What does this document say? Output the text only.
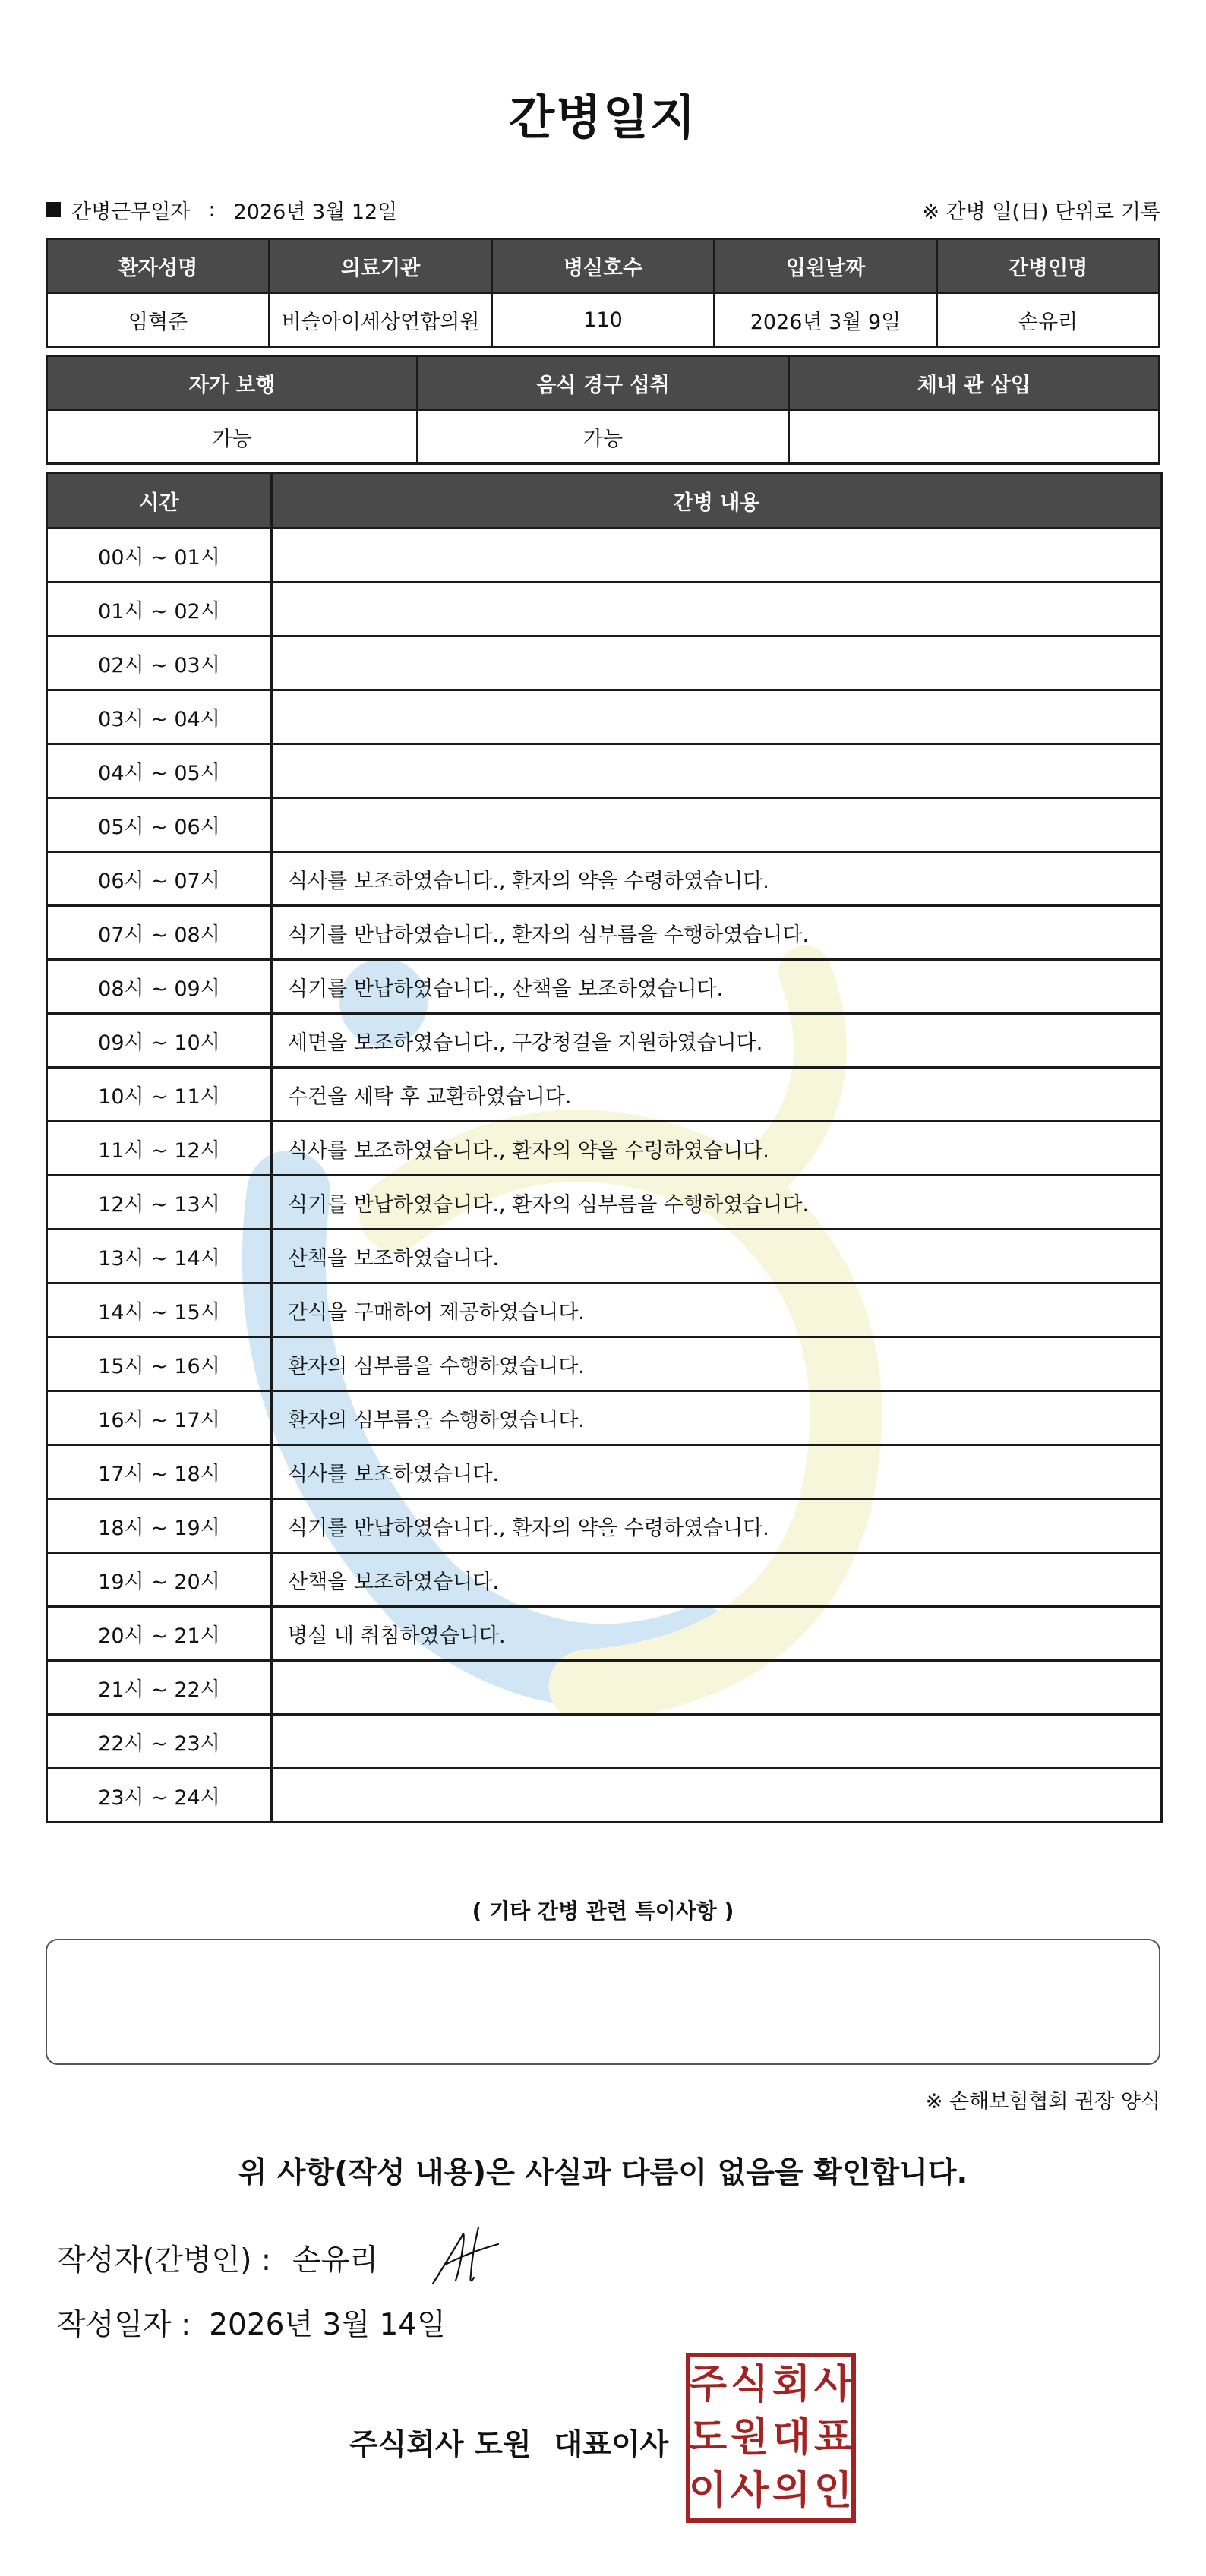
간병일지
간병근무일자 : 2026년 3월 12일	※ 간병 일(日) 단위로 기록
환자성명	의료기관	병실호수	입원날짜	간병인명
임혁준	비슬아이세상연합의원	110	2026년 3월 9일	손유리
자가 보행	음식 경구 섭취	체내 관 삽입
가능	가능	
시간	간병 내용
00시 ~ 01시	
01시 ~ 02시	
02시 ~ 03시	
03시 ~ 04시	
04시 ~ 05시	
05시 ~ 06시	
06시 ~ 07시	식사를 보조하였습니다., 환자의 약을 수령하였습니다.
07시 ~ 08시	식기를 반납하였습니다., 환자의 심부름을 수행하였습니다.
08시 ~ 09시	식기를 반납하였습니다., 산책을 보조하였습니다.
09시 ~ 10시	세면을 보조하였습니다., 구강청결을 지원하였습니다.
10시 ~ 11시	수건을 세탁 후 교환하였습니다.
11시 ~ 12시	식사를 보조하였습니다., 환자의 약을 수령하였습니다.
12시 ~ 13시	식기를 반납하였습니다., 환자의 심부름을 수행하였습니다.
13시 ~ 14시	산책을 보조하였습니다.
14시 ~ 15시	간식을 구매하여 제공하였습니다.
15시 ~ 16시	환자의 심부름을 수행하였습니다.
16시 ~ 17시	환자의 심부름을 수행하였습니다.
17시 ~ 18시	식사를 보조하였습니다.
18시 ~ 19시	식기를 반납하였습니다., 환자의 약을 수령하였습니다.
19시 ~ 20시	산책을 보조하였습니다.
20시 ~ 21시	병실 내 취침하였습니다.
21시 ~ 22시	
22시 ~ 23시	
23시 ~ 24시	
( 기타 간병 관련 특이사항 )
※ 손해보험협회 권장 양식
위 사항(작성 내용)은 사실과 다름이 없음을 확인합니다.
작성자(간병인) : 손유리
작성일자 : 2026년 3월 14일
주식회사 도원 대표이사
주 식 회 사
도 원 대 표
이 사 의 인
